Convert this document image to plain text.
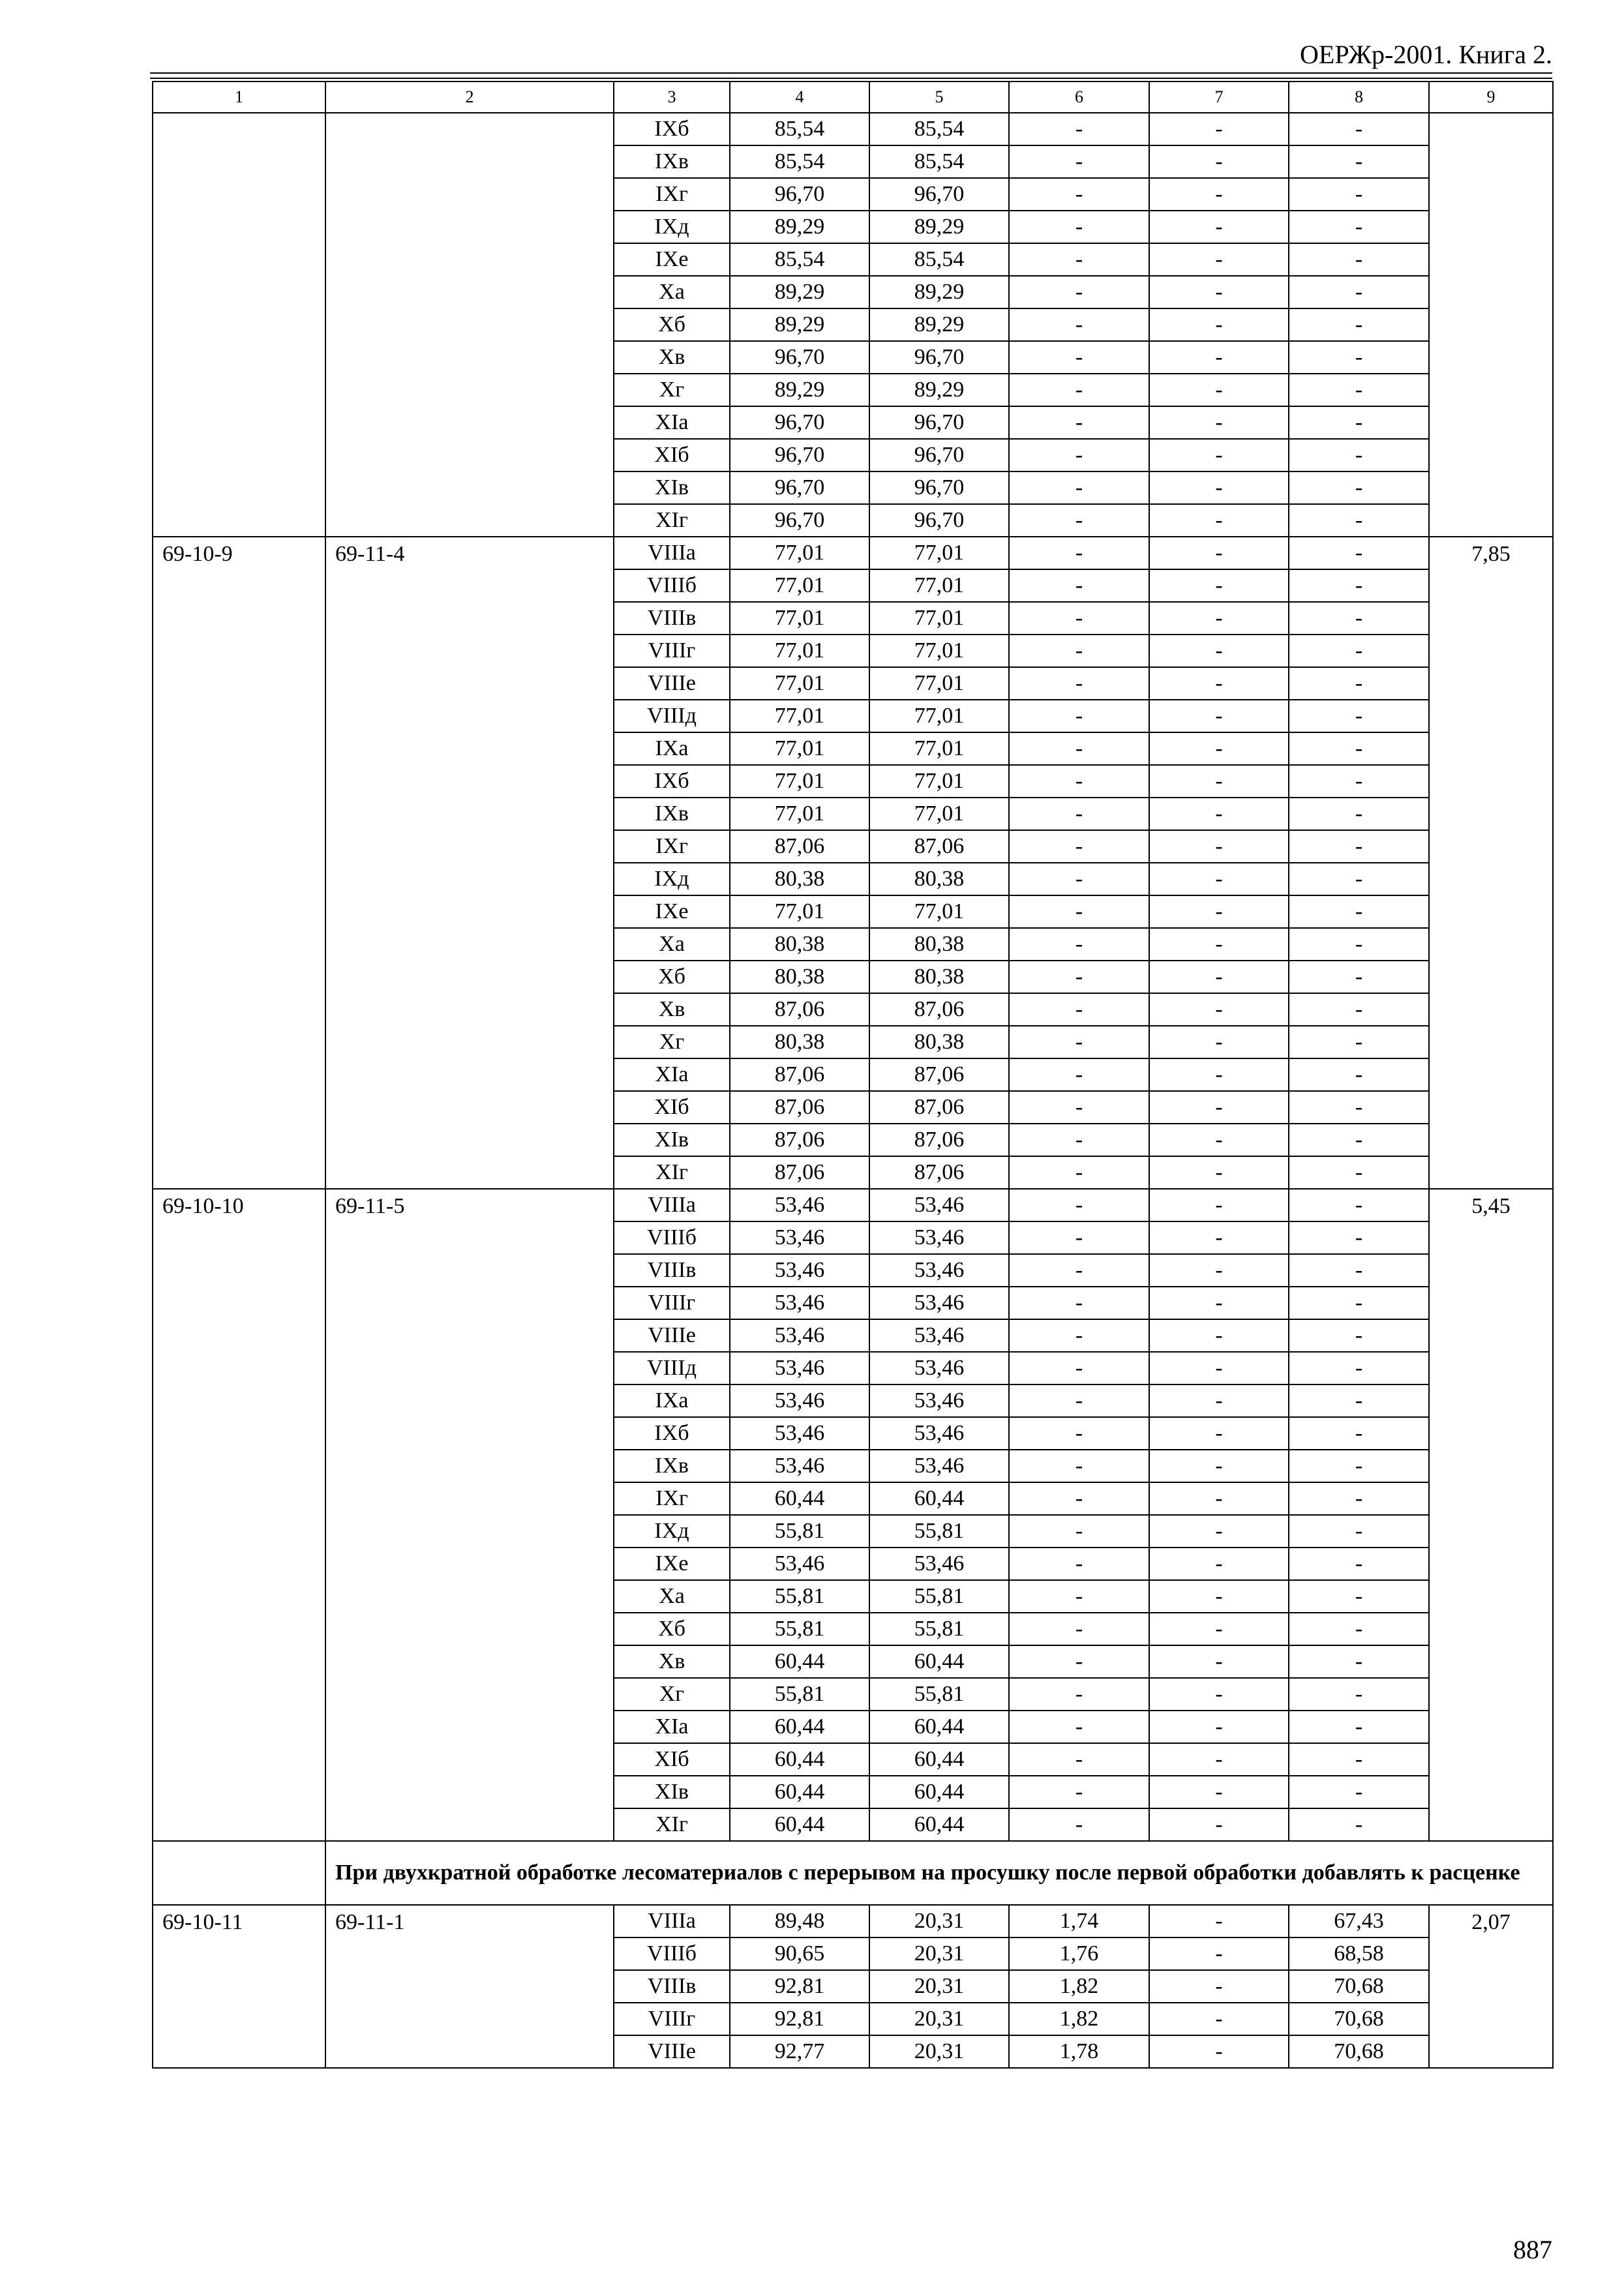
ОЕРЖр-2001. Книга 2.
1	2	3	4	5	6	7	8	9
		IXб	85,54	85,54	-	-	-	
		IXв	85,54	85,54	-	-	-	
		IXг	96,70	96,70	-	-	-	
		IXд	89,29	89,29	-	-	-	
		IXе	85,54	85,54	-	-	-	
		Xа	89,29	89,29	-	-	-	
		Xб	89,29	89,29	-	-	-	
		Xв	96,70	96,70	-	-	-	
		Xг	89,29	89,29	-	-	-	
		XIа	96,70	96,70	-	-	-	
		XIб	96,70	96,70	-	-	-	
		XIв	96,70	96,70	-	-	-	
		XIг	96,70	96,70	-	-	-	
69-10-9	69-11-4	VIIIа	77,01	77,01	-	-	-	7,85
		VIIIб	77,01	77,01	-	-	-	
		VIIIв	77,01	77,01	-	-	-	
		VIIIг	77,01	77,01	-	-	-	
		VIIIе	77,01	77,01	-	-	-	
		VIIIд	77,01	77,01	-	-	-	
		IXа	77,01	77,01	-	-	-	
		IXб	77,01	77,01	-	-	-	
		IXв	77,01	77,01	-	-	-	
		IXг	87,06	87,06	-	-	-	
		IXд	80,38	80,38	-	-	-	
		IXе	77,01	77,01	-	-	-	
		Xа	80,38	80,38	-	-	-	
		Xб	80,38	80,38	-	-	-	
		Xв	87,06	87,06	-	-	-	
		Xг	80,38	80,38	-	-	-	
		XIа	87,06	87,06	-	-	-	
		XIб	87,06	87,06	-	-	-	
		XIв	87,06	87,06	-	-	-	
		XIг	87,06	87,06	-	-	-	
69-10-10	69-11-5	VIIIа	53,46	53,46	-	-	-	5,45
		VIIIб	53,46	53,46	-	-	-	
		VIIIв	53,46	53,46	-	-	-	
		VIIIг	53,46	53,46	-	-	-	
		VIIIе	53,46	53,46	-	-	-	
		VIIIд	53,46	53,46	-	-	-	
		IXа	53,46	53,46	-	-	-	
		IXб	53,46	53,46	-	-	-	
		IXв	53,46	53,46	-	-	-	
		IXг	60,44	60,44	-	-	-	
		IXд	55,81	55,81	-	-	-	
		IXе	53,46	53,46	-	-	-	
		Xа	55,81	55,81	-	-	-	
		Xб	55,81	55,81	-	-	-	
		Xв	60,44	60,44	-	-	-	
		Xг	55,81	55,81	-	-	-	
		XIа	60,44	60,44	-	-	-	
		XIб	60,44	60,44	-	-	-	
		XIв	60,44	60,44	-	-	-	
		XIг	60,44	60,44	-	-	-	
	При двухкратной обработке лесоматериалов с перерывом на просушку после первой обработки добавлять к расценке							
69-10-11	69-11-1	VIIIа	89,48	20,31	1,74	-	67,43	2,07
		VIIIб	90,65	20,31	1,76	-	68,58	
		VIIIв	92,81	20,31	1,82	-	70,68	
		VIIIг	92,81	20,31	1,82	-	70,68	
		VIIIе	92,77	20,31	1,78	-	70,68	
887
